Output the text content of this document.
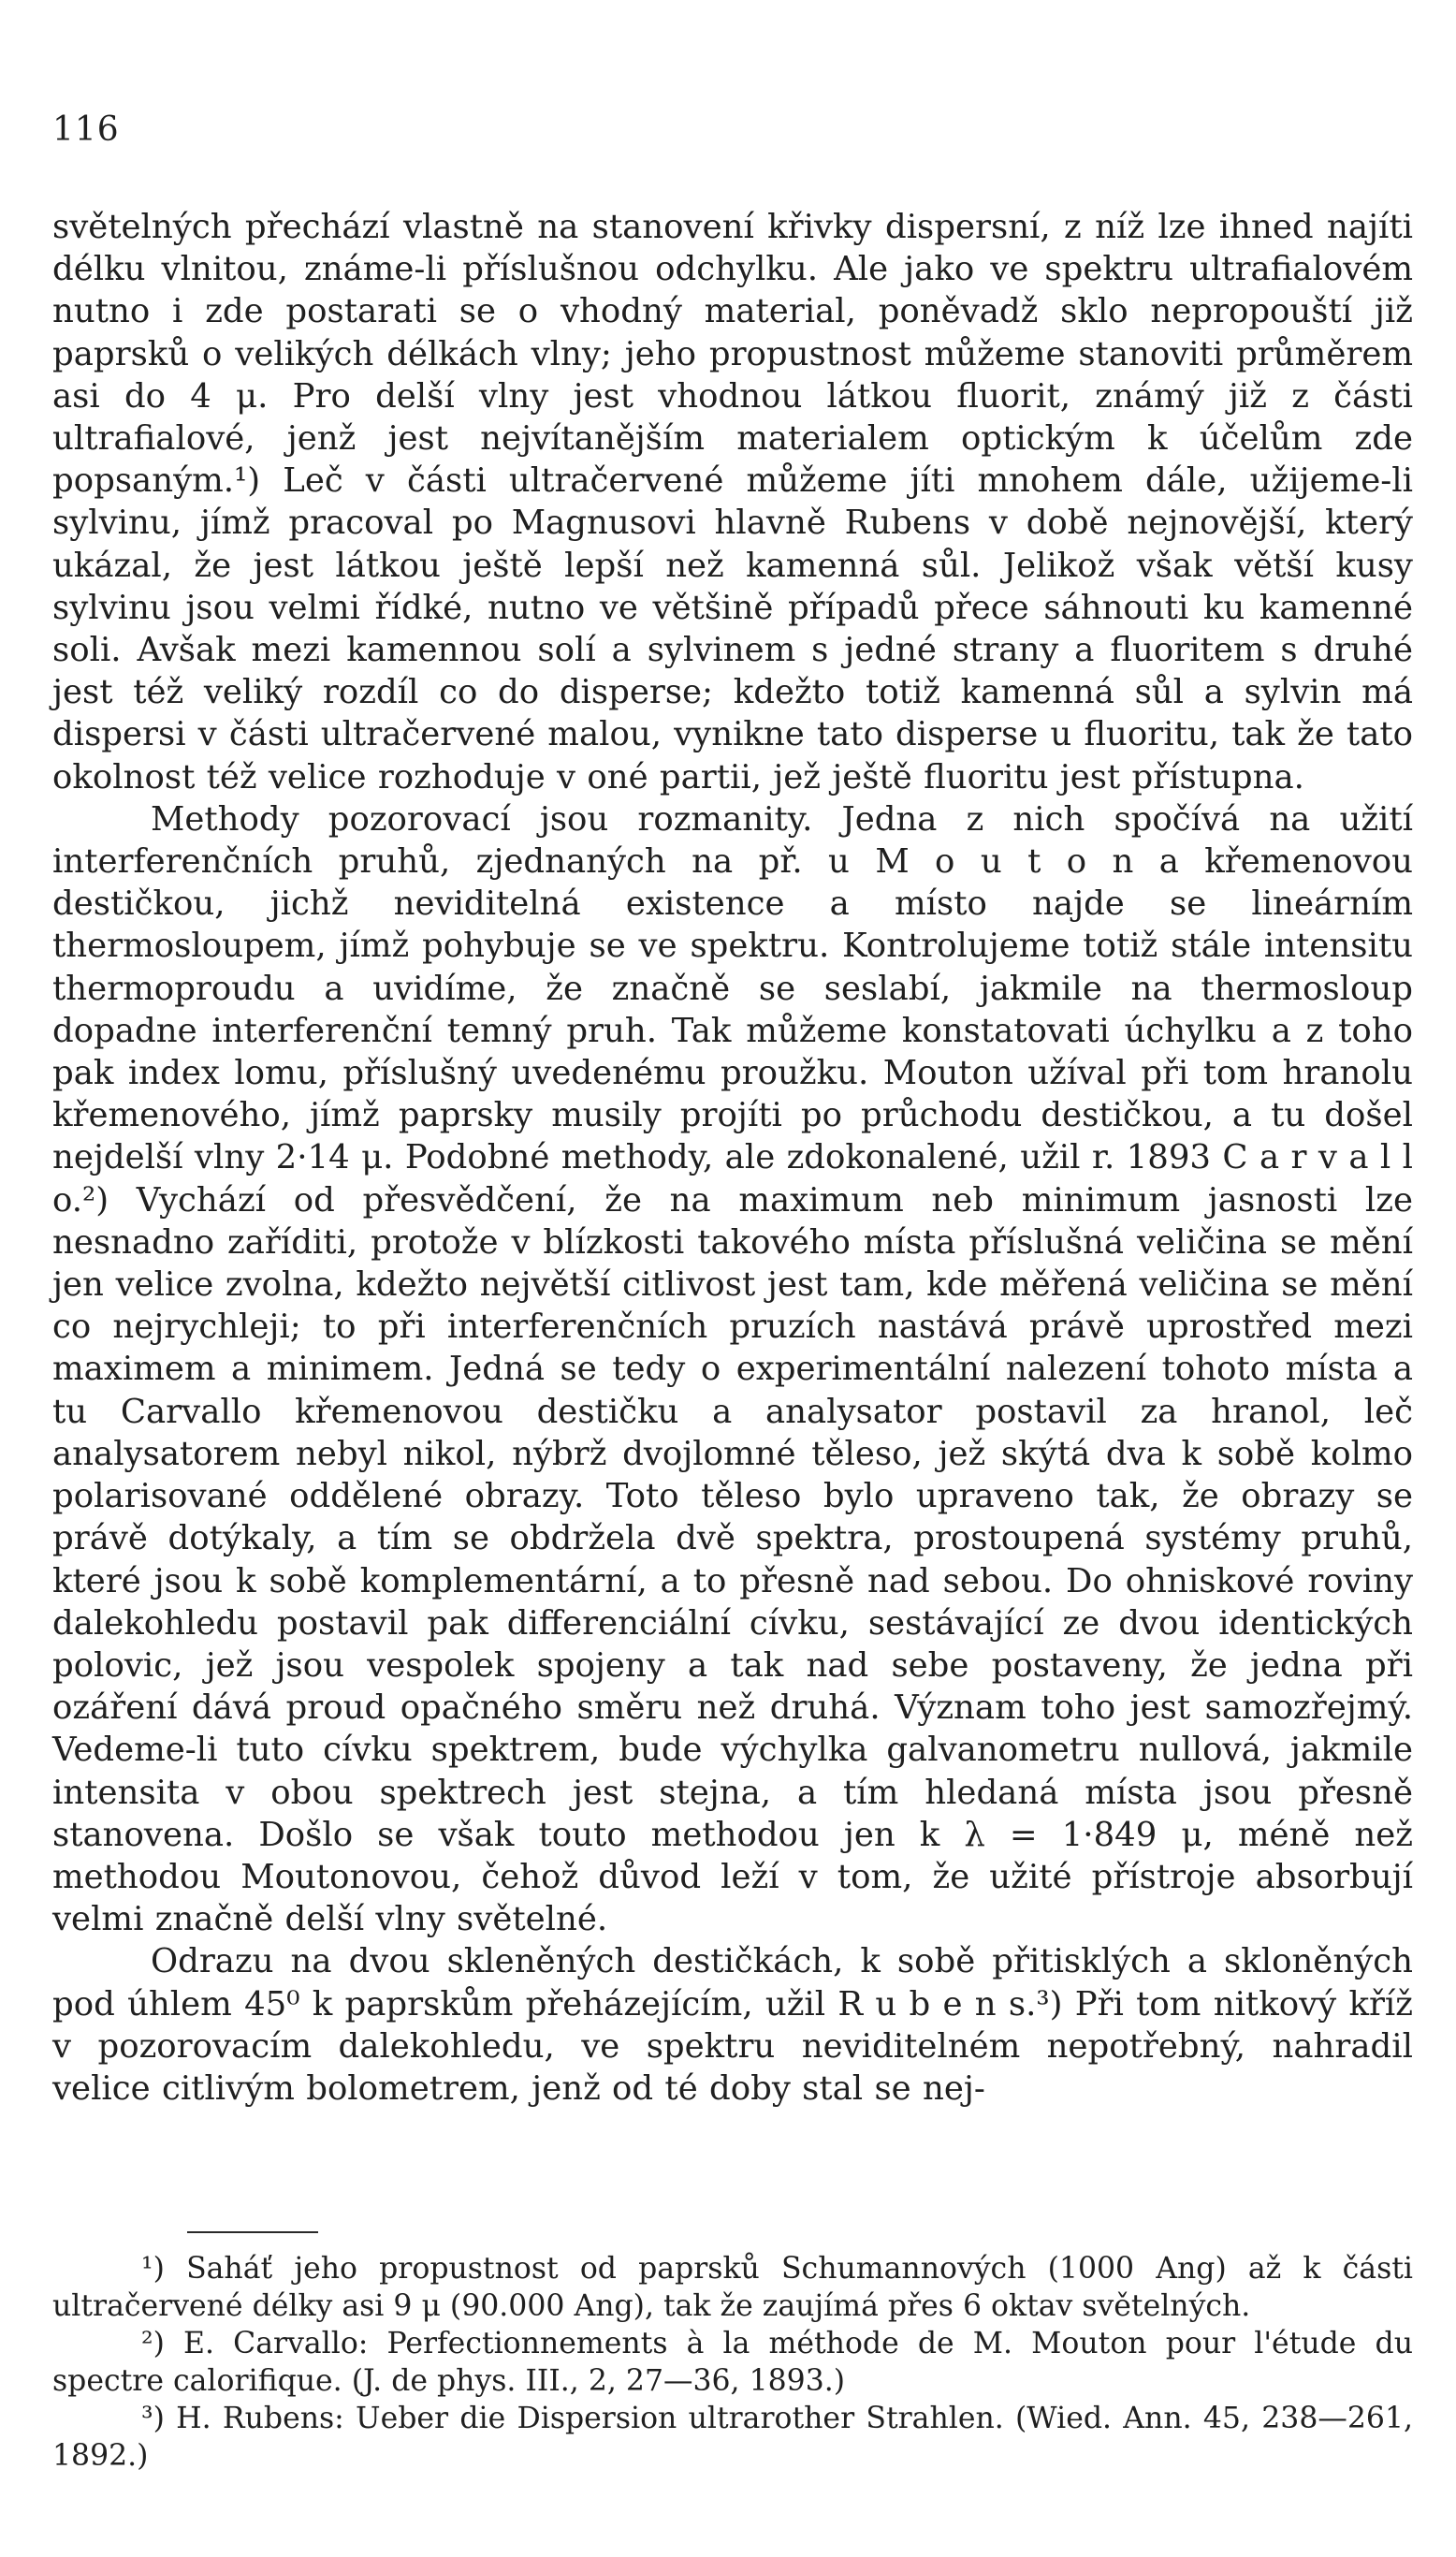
116

světelných přechází vlastně na stanovení křivky dispersní, z níž lze ihned najíti délku vlnitou, známe-li příslušnou odchylku. Ale jako ve spektru ultrafialovém nutno i zde postarati se o vhodný material, poněvadž sklo nepropouští již paprsků o velikých délkách vlny; jeho propustnost můžeme stanoviti průměrem asi do 4 μ. Pro delší vlny jest vhodnou látkou fluorit, známý již z části ultrafialové, jenž jest nejvítanějším materialem optickým k účelům zde popsaným.¹) Leč v části ultračervené můžeme jíti mnohem dále, užijeme-li sylvinu, jímž pracoval po Magnusovi hlavně Rubens v době nejnovější, který ukázal, že jest látkou ještě lepší než kamenná sůl. Jelikož však větší kusy sylvinu jsou velmi řídké, nutno ve většině případů přece sáhnouti ku kamenné soli. Avšak mezi kamennou solí a sylvinem s jedné strany a fluoritem s druhé jest též veliký rozdíl co do disperse; kdežto totiž kamenná sůl a sylvin má dispersi v části ultračervené malou, vynikne tato disperse u fluoritu, tak že tato okolnost též velice rozhoduje v oné partii, jež ještě fluoritu jest přístupna.

Methody pozorovací jsou rozmanity. Jedna z nich spočívá na užití interferenčních pruhů, zjednaných na př. u M o u t o n a křemenovou destičkou, jichž neviditelná existence a místo najde se lineárním thermosloupem, jímž pohybuje se ve spektru. Kontrolujeme totiž stále intensitu thermoproudu a uvidíme, že značně se seslabí, jakmile na thermosloup dopadne interferenční temný pruh. Tak můžeme konstatovati úchylku a z toho pak index lomu, příslušný uvedenému proužku. Mouton užíval při tom hranolu křemenového, jímž paprsky musily projíti po průchodu destičkou, a tu došel nejdelší vlny 2·14 μ. Podobné methody, ale zdokonalené, užil r. 1893 C a r v a l l o.²) Vychází od přesvědčení, že na maximum neb minimum jasnosti lze nesnadno zaříditi, protože v blízkosti takového místa příslušná veličina se mění jen velice zvolna, kdežto největší citlivost jest tam, kde měřená veličina se mění co nejrychleji; to při interferenčních pruzích nastává právě uprostřed mezi maximem a minimem. Jedná se tedy o experimentální nalezení tohoto místa a tu Carvallo křemenovou destičku a analysator postavil za hranol, leč analysatorem nebyl nikol, nýbrž dvojlomné těleso, jež skýtá dva k sobě kolmo polarisované oddělené obrazy. Toto těleso bylo upraveno tak, že obrazy se právě dotýkaly, a tím se obdržela dvě spektra, prostoupená systémy pruhů, které jsou k sobě komplementární, a to přesně nad sebou. Do ohniskové roviny dalekohledu postavil pak differenciální cívku, sestávající ze dvou identických polovic, jež jsou vespolek spojeny a tak nad sebe postaveny, že jedna při ozáření dává proud opačného směru než druhá. Význam toho jest samozřejmý. Vedeme-li tuto cívku spektrem, bude výchylka galvanometru nullová, jakmile intensita v obou spektrech jest stejna, a tím hledaná místa jsou přesně stanovena. Došlo se však touto methodou jen k λ = 1·849 μ, méně než methodou Moutonovou, čehož důvod leží v tom, že užité přístroje absorbují velmi značně delší vlny světelné.

Odrazu na dvou skleněných destičkách, k sobě přitisklých a skloněných pod úhlem 45⁰ k paprskům přeházejícím, užil R u b e n s.³) Při tom nitkový kříž v pozorovacím dalekohledu, ve spektru neviditelném nepotřebný, nahradil velice citlivým bolometrem, jenž od té doby stal se nej-

¹) Saháť jeho propustnost od paprsků Schumannových (1000 Ang) až k části ultračervené délky asi 9 μ (90.000 Ang), tak že zaujímá přes 6 oktav světelných.

²) E. Carvallo: Perfectionnements à la méthode de M. Mouton pour l'étude du spectre calorifique. (J. de phys. III., 2, 27—36, 1893.)

³) H. Rubens: Ueber die Dispersion ultrarother Strahlen. (Wied. Ann. 45, 238—261, 1892.)
